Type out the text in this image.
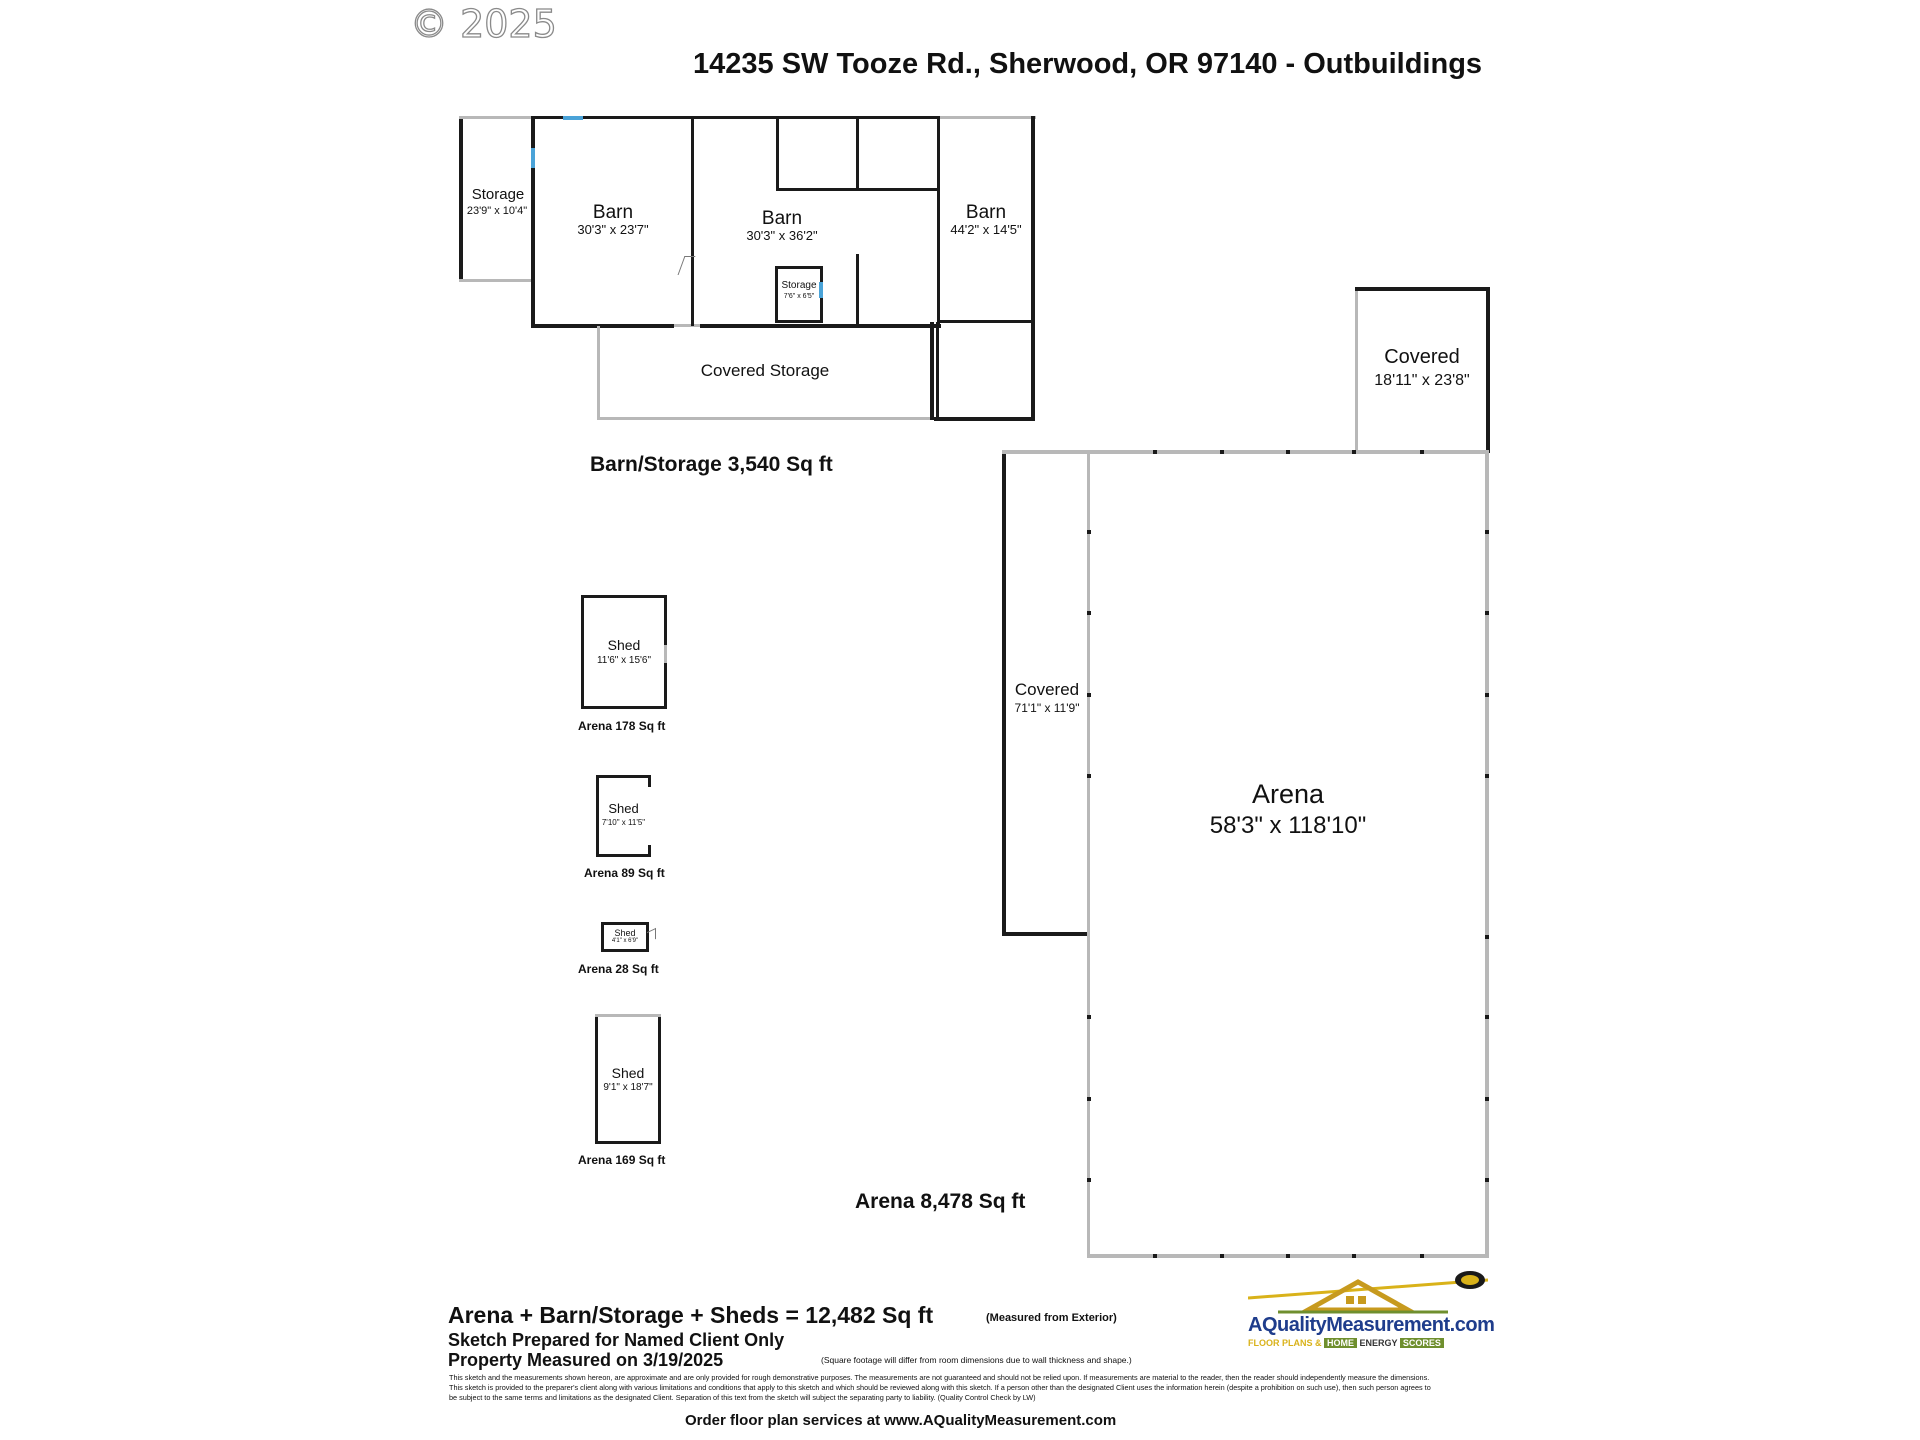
© 2025
14235 SW Tooze Rd., Sherwood, OR 97140 - Outbuildings
Storage
23'9" x 10'4"	Barn
30'3" x 23'7"
Barn
30'3" x 36'2"
Barn
44'2" x 14'5"
Storage
7'6" x 6'5"
Covered Storage
Barn/Storage 3,540 Sq ft
Covered
18'11" x 23'8"
Covered
71'1" x 11'9"
Arena
58'3" x 118'10"
Arena 8,478 Sq ft
Shed
11'6" x 15'6"
Arena 178 Sq ft
Shed
7'10" x 11'5"
Arena 89 Sq ft
Shed
4'1" x 6'9"
Arena 28 Sq ft
Shed
9'1" x 18'7"
Arena 169 Sq ft
Arena + Barn/Storage + Sheds = 12,482 Sq ft	(Measured from Exterior)
Sketch Prepared for Named Client Only
Property Measured on 3/19/2025	(Square footage will differ from room dimensions due to wall thickness and shape.)
This sketch and the measurements shown hereon, are approximate and are only provided for rough demonstrative purposes. The measurements are not guaranteed and should not be relied upon. If measurements are material to the reader, then the reader should independently measure the dimensions. This sketch is provided to the preparer's client along with various limitations and conditions that apply to this sketch and which should be reviewed along with this sketch. If a person other than the designated Client uses the information herein (despite a prohibition on such use), then such person agrees to be subject to the same terms and limitations as the designated Client. Separation of this text from the sketch will subject the separating party to liability. (Quality Control Check by LW)
Order floor plan services at www.AQualityMeasurement.com
AQualityMeasurement.com
FLOOR PLANS & HOME ENERGY SCORES
